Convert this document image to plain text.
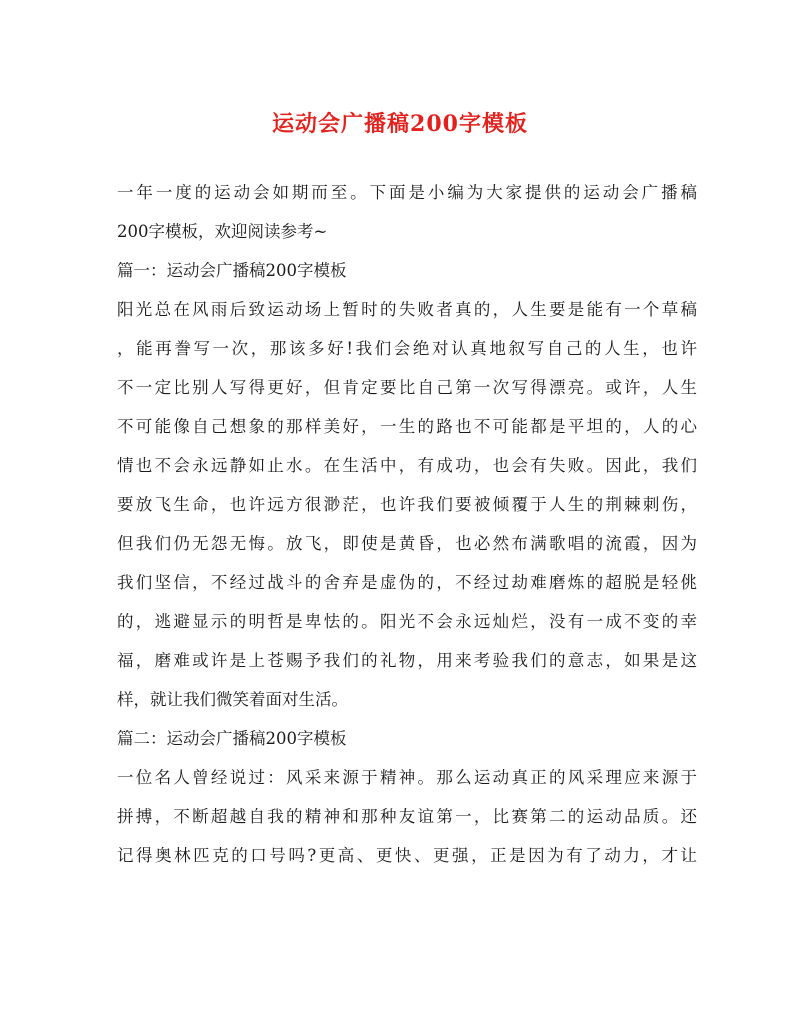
运动会广播稿200字模板

一年一度的运动会如期而至。下面是小编为大家提供的运动会广播稿

200字模板，欢迎阅读参考~

篇一：运动会广播稿200字模板

阳光总在风雨后致运动场上暂时的失败者真的，人生要是能有一个草稿

，能再誊写一次，那该多好!我们会绝对认真地叙写自己的人生，也许

不一定比别人写得更好，但肯定要比自己第一次写得漂亮。或许，人生

不可能像自己想象的那样美好，一生的路也不可能都是平坦的，人的心

情也不会永远静如止水。在生活中，有成功，也会有失败。因此，我们

要放飞生命，也许远方很渺茫，也许我们要被倾覆于人生的荆棘刺伤，

但我们仍无怨无悔。放飞，即使是黄昏，也必然布满歌唱的流霞，因为

我们坚信，不经过战斗的舍弃是虚伪的，不经过劫难磨炼的超脱是轻佻

的，逃避显示的明哲是卑怯的。阳光不会永远灿烂，没有一成不变的幸

福，磨难或许是上苍赐予我们的礼物，用来考验我们的意志，如果是这

样，就让我们微笑着面对生活。

篇二：运动会广播稿200字模板

一位名人曾经说过：风采来源于精神。那么运动真正的风采理应来源于

拼搏，不断超越自我的精神和那种友谊第一，比赛第二的运动品质。还

记得奥林匹克的口号吗?更高、更快、更强，正是因为有了动力，才让
